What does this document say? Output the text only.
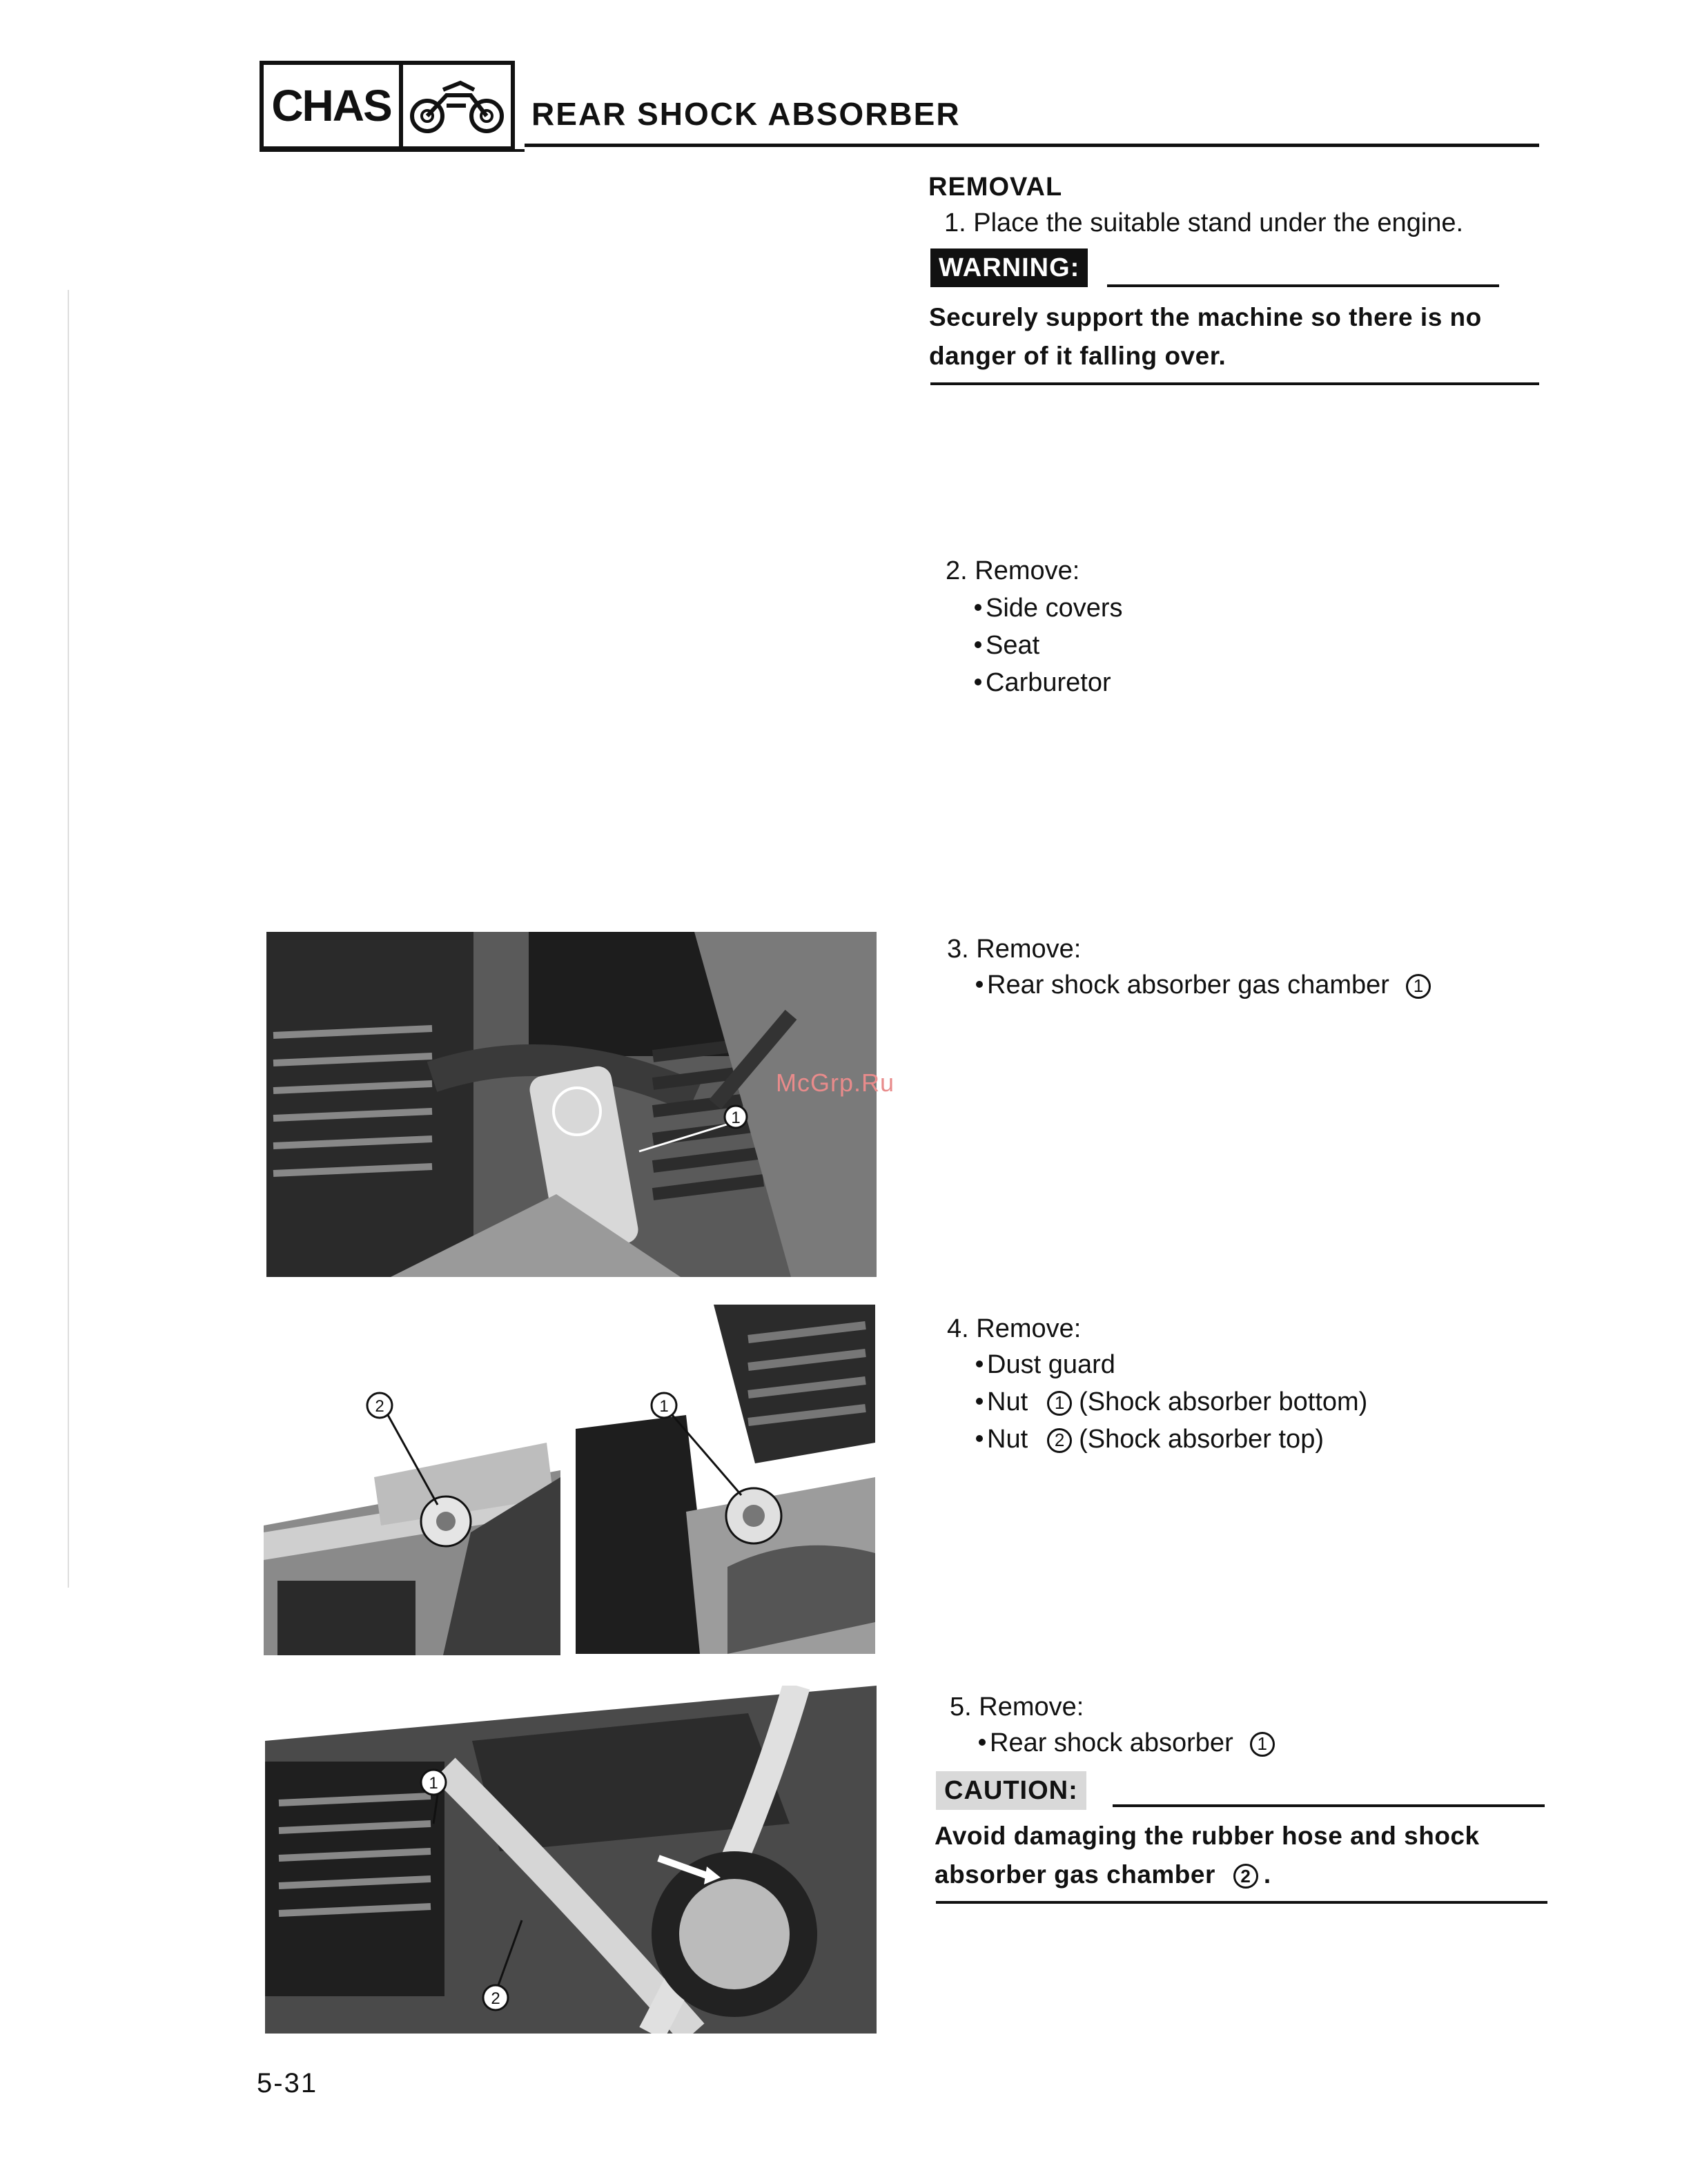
CHAS	REAR SHOCK ABSORBER
REMOVAL
1. Place the suitable stand under the engine.
WARNING:
Securely support the machine so there is no
danger of it falling over.
2. Remove:
Side covers
Seat
Carburetor
3. Remove:
Rear shock absorber gas chamber 1
4. Remove:
Dust guard
Nut 1 (Shock absorber bottom)
Nut 2 (Shock absorber top)
5. Remove:
Rear shock absorber 1
CAUTION:
Avoid damaging the rubber hose and shock
absorber gas chamber 2 .
1
2	1
1
2
McGrp.Ru
5-31
